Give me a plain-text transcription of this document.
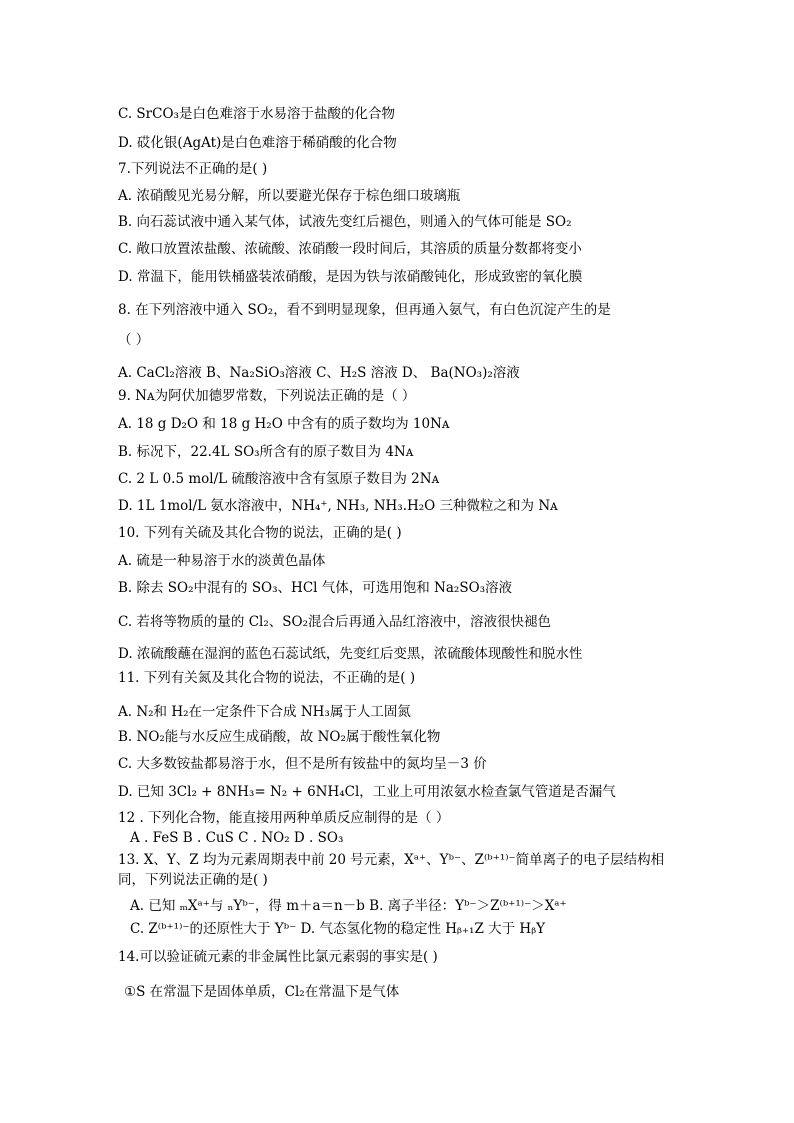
C. SrCO₃是白色难溶于水易溶于盐酸的化合物
D. 砹化银(AgAt)是白色难溶于稀硝酸的化合物
7.下列说法不正确的是( )
A. 浓硝酸见光易分解，所以要避光保存于棕色细口玻璃瓶
B. 向石蕊试液中通入某气体，试液先变红后褪色，则通入的气体可能是 SO₂
C. 敞口放置浓盐酸、浓硫酸、浓硝酸一段时间后，其溶质的质量分数都将变小
D. 常温下，能用铁桶盛装浓硝酸，是因为铁与浓硝酸钝化，形成致密的氧化膜
8. 在下列溶液中通入 SO₂，看不到明显现象，但再通入氨气，有白色沉淀产生的是
（ ）
A. CaCl₂溶液 B、Na₂SiO₃溶液 C、H₂S 溶液 D、 Ba(NO₃)₂溶液
9. Nᴀ为阿伏加德罗常数，下列说法正确的是（ ）
A. 18 g D₂O 和 18 g H₂O 中含有的质子数均为 10Nᴀ
B. 标况下，22.4L SO₃所含有的原子数目为 4Nᴀ
C. 2 L 0.5 mol/L 硫酸溶液中含有氢原子数目为 2Nᴀ
D. 1L 1mol/L 氨水溶液中，NH₄⁺, NH₃, NH₃.H₂O 三种微粒之和为 Nᴀ
10. 下列有关硫及其化合物的说法，正确的是( )
A. 硫是一种易溶于水的淡黄色晶体
B. 除去 SO₂中混有的 SO₃、HCl 气体，可选用饱和 Na₂SO₃溶液
C. 若将等物质的量的 Cl₂、SO₂混合后再通入品红溶液中，溶液很快褪色
D. 浓硫酸蘸在湿润的蓝色石蕊试纸，先变红后变黑，浓硫酸体现酸性和脱水性
11. 下列有关氮及其化合物的说法，不正确的是( )
A. N₂和 H₂在一定条件下合成 NH₃属于人工固氮
B. NO₂能与水反应生成硝酸，故 NO₂属于酸性氧化物
C. 大多数铵盐都易溶于水，但不是所有铵盐中的氮均呈－3 价
D. 已知 3Cl₂ + 8NH₃= N₂ + 6NH₄Cl，工业上可用浓氨水检查氯气管道是否漏气
12 . 下列化合物，能直接用两种单质反应制得的是（ ）
A . FeS B . CuS C . NO₂ D . SO₃
13. X、Y、Z 均为元素周期表中前 20 号元素，Xᵃ⁺、Yᵇ⁻、Z⁽ᵇ⁺¹⁾⁻简单离子的电子层结构相
同，下列说法正确的是( )
A. 已知 ₘXᵃ⁺与 ₙYᵇ⁻，得 m＋a＝n－b B. 离子半径：Yᵇ⁻＞Z⁽ᵇ⁺¹⁾⁻＞Xᵃ⁺
C. Z⁽ᵇ⁺¹⁾⁻的还原性大于 Yᵇ⁻ D. 气态氢化物的稳定性 Hᵦ₊₁Z 大于 HᵦY
14.可以验证硫元素的非金属性比氯元素弱的事实是( )
①S 在常温下是固体单质，Cl₂在常温下是气体
